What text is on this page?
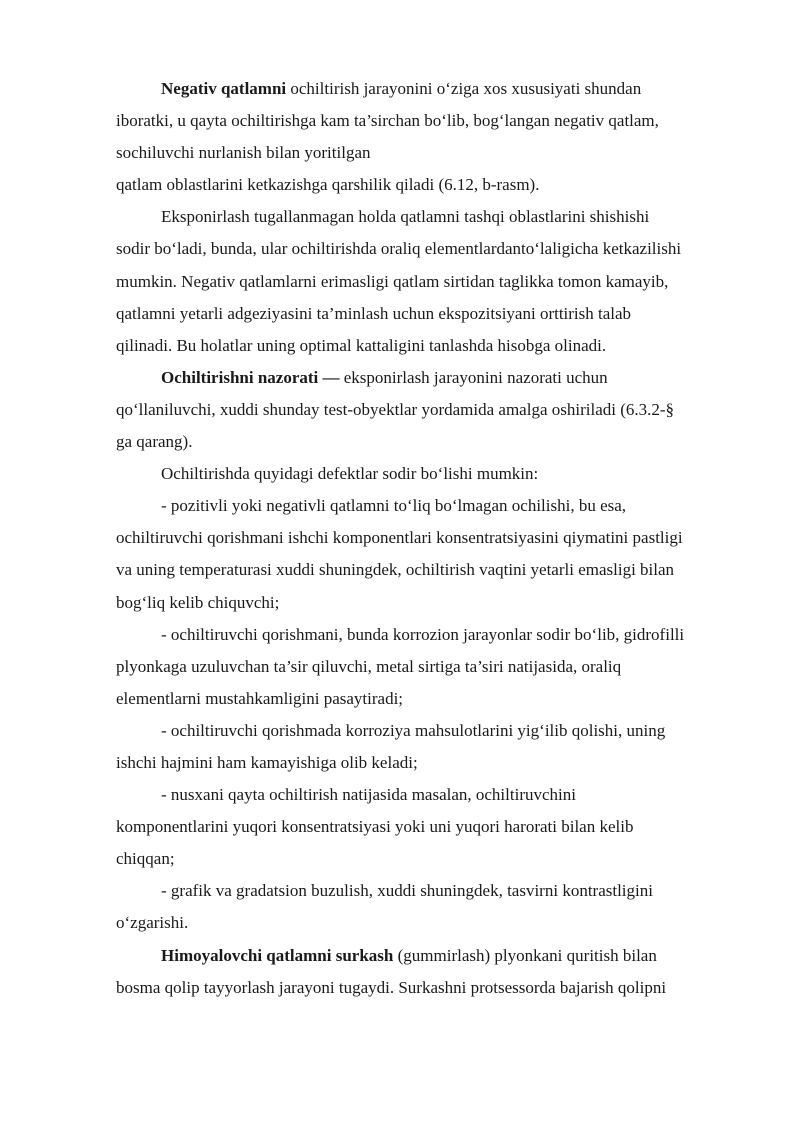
Negativ qatlamni ochiltirish jarayonini o‘ziga xos xususiyati shundan
iboratki, u qayta ochiltirishga kam ta’sirchan bo‘lib, bog‘langan negativ qatlam,
sochiluvchi nurlanish bilan yoritilgan
qatlam oblastlarini ketkazishga qarshilik qiladi (6.12, b-rasm).
Eksponirlash tugallanmagan holda qatlamni tashqi oblastlarini shishishi
sodir bo‘ladi, bunda, ular ochiltirishda oraliq elementlardanto‘laligicha ketkazilishi
mumkin. Negativ qatlamlarni erimasligi qatlam sirtidan taglikka tomon kamayib,
qatlamni yetarli adgeziyasini ta’minlash uchun ekspozitsiyani orttirish talab
qilinadi. Bu holatlar uning optimal kattaligini tanlashda hisobga olinadi.
Ochiltirishni nazorati — eksponirlash jarayonini nazorati uchun
qo‘llaniluvchi, xuddi shunday test-obyektlar yordamida amalga oshiriladi (6.3.2-§
ga qarang).
Ochiltirishda quyidagi defektlar sodir bo‘lishi mumkin:
- pozitivli yoki negativli qatlamni to‘liq bo‘lmagan ochilishi, bu esa,
ochiltiruvchi qorishmani ishchi komponentlari konsentratsiyasini qiymatini pastligi
va uning temperaturasi xuddi shuningdek, ochiltirish vaqtini yetarli emasligi bilan
bog‘liq kelib chiquvchi;
- ochiltiruvchi qorishmani, bunda korrozion jarayonlar sodir bo‘lib, gidrofilli
plyonkaga uzuluvchan ta’sir qiluvchi, metal sirtiga ta’siri natijasida, oraliq
elementlarni mustahkamligini pasaytiradi;
- ochiltiruvchi qorishmada korroziya mahsulotlarini yig‘ilib qolishi, uning
ishchi hajmini ham kamayishiga olib keladi;
- nusxani qayta ochiltirish natijasida masalan, ochiltiruvchini
komponentlarini yuqori konsentratsiyasi yoki uni yuqori harorati bilan kelib
chiqqan;
- grafik va gradatsion buzulish, xuddi shuningdek, tasvirni kontrastligini
o‘zgarishi.
Himoyalovchi qatlamni surkash (gummirlash) plyonkani quritish bilan
bosma qolip tayyorlash jarayoni tugaydi. Surkashni protsessorda bajarish qolipni
